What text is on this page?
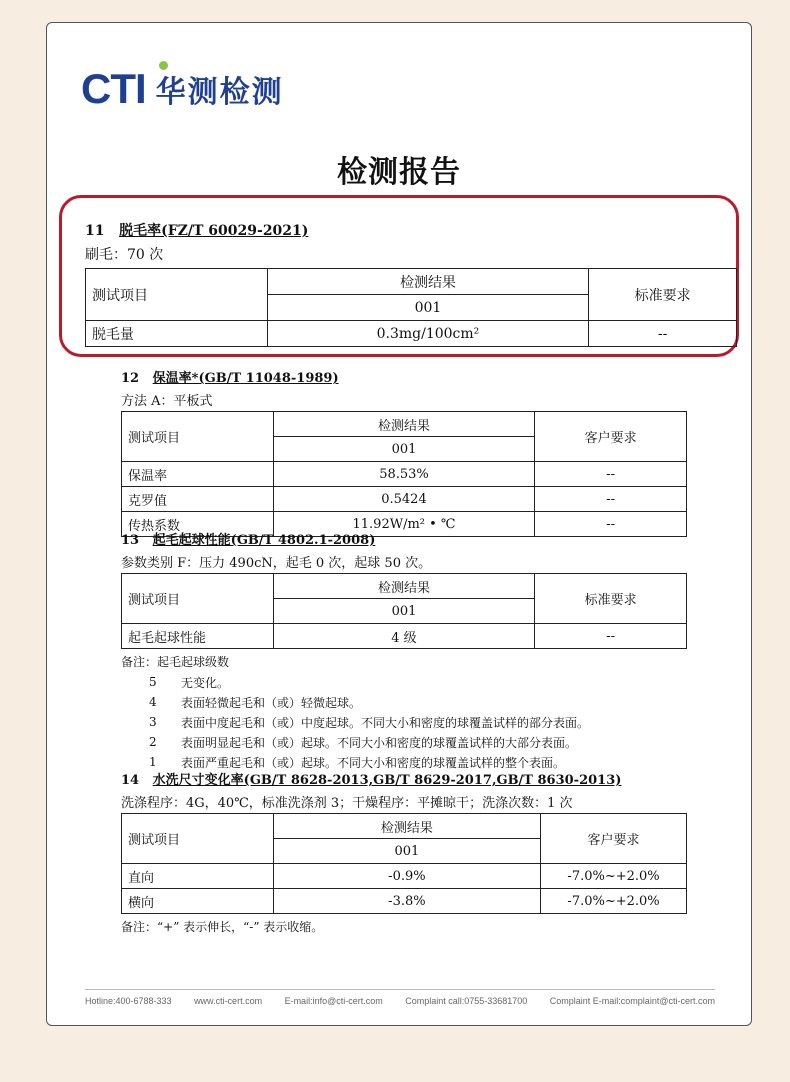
CTI 华测检测
检测报告
11 脱毛率(FZ/T 60029-2021)
刷毛：70 次
测试项目	检测结果	标准要求
	001	
脱毛量	0.3mg/100cm²	--
12 保温率*(GB/T 11048-1989)
方法 A：平板式
测试项目	检测结果	客户要求
	001	
保温率	58.53%	--
克罗值	0.5424	--
传热系数	11.92W/m² • ℃	--
13 起毛起球性能(GB/T 4802.1-2008)
参数类别 F：压力 490cN，起毛 0 次，起球 50 次。
测试项目	检测结果	标准要求
	001	
起毛起球性能	4 级	--
备注：起毛起球级数
5	无变化。
4	表面轻微起毛和（或）轻微起球。
3	表面中度起毛和（或）中度起球。不同大小和密度的球覆盖试样的部分表面。
2	表面明显起毛和（或）起球。不同大小和密度的球覆盖试样的大部分表面。
1	表面严重起毛和（或）起球。不同大小和密度的球覆盖试样的整个表面。
14 水洗尺寸变化率(GB/T 8628-2013,GB/T 8629-2017,GB/T 8630-2013)
洗涤程序：4G，40℃，标准洗涤剂 3；干燥程序：平摊晾干；洗涤次数：1 次
测试项目	检测结果	客户要求
	001	
直向	-0.9%	-7.0%~+2.0%
横向	-3.8%	-7.0%~+2.0%
备注：“+” 表示伸长，“-” 表示收缩。
Hotline:400-6788-333 www.cti-cert.com E-mail:info@cti-cert.com Complaint call:0755-33681700 Complaint E-mail:complaint@cti-cert.com
